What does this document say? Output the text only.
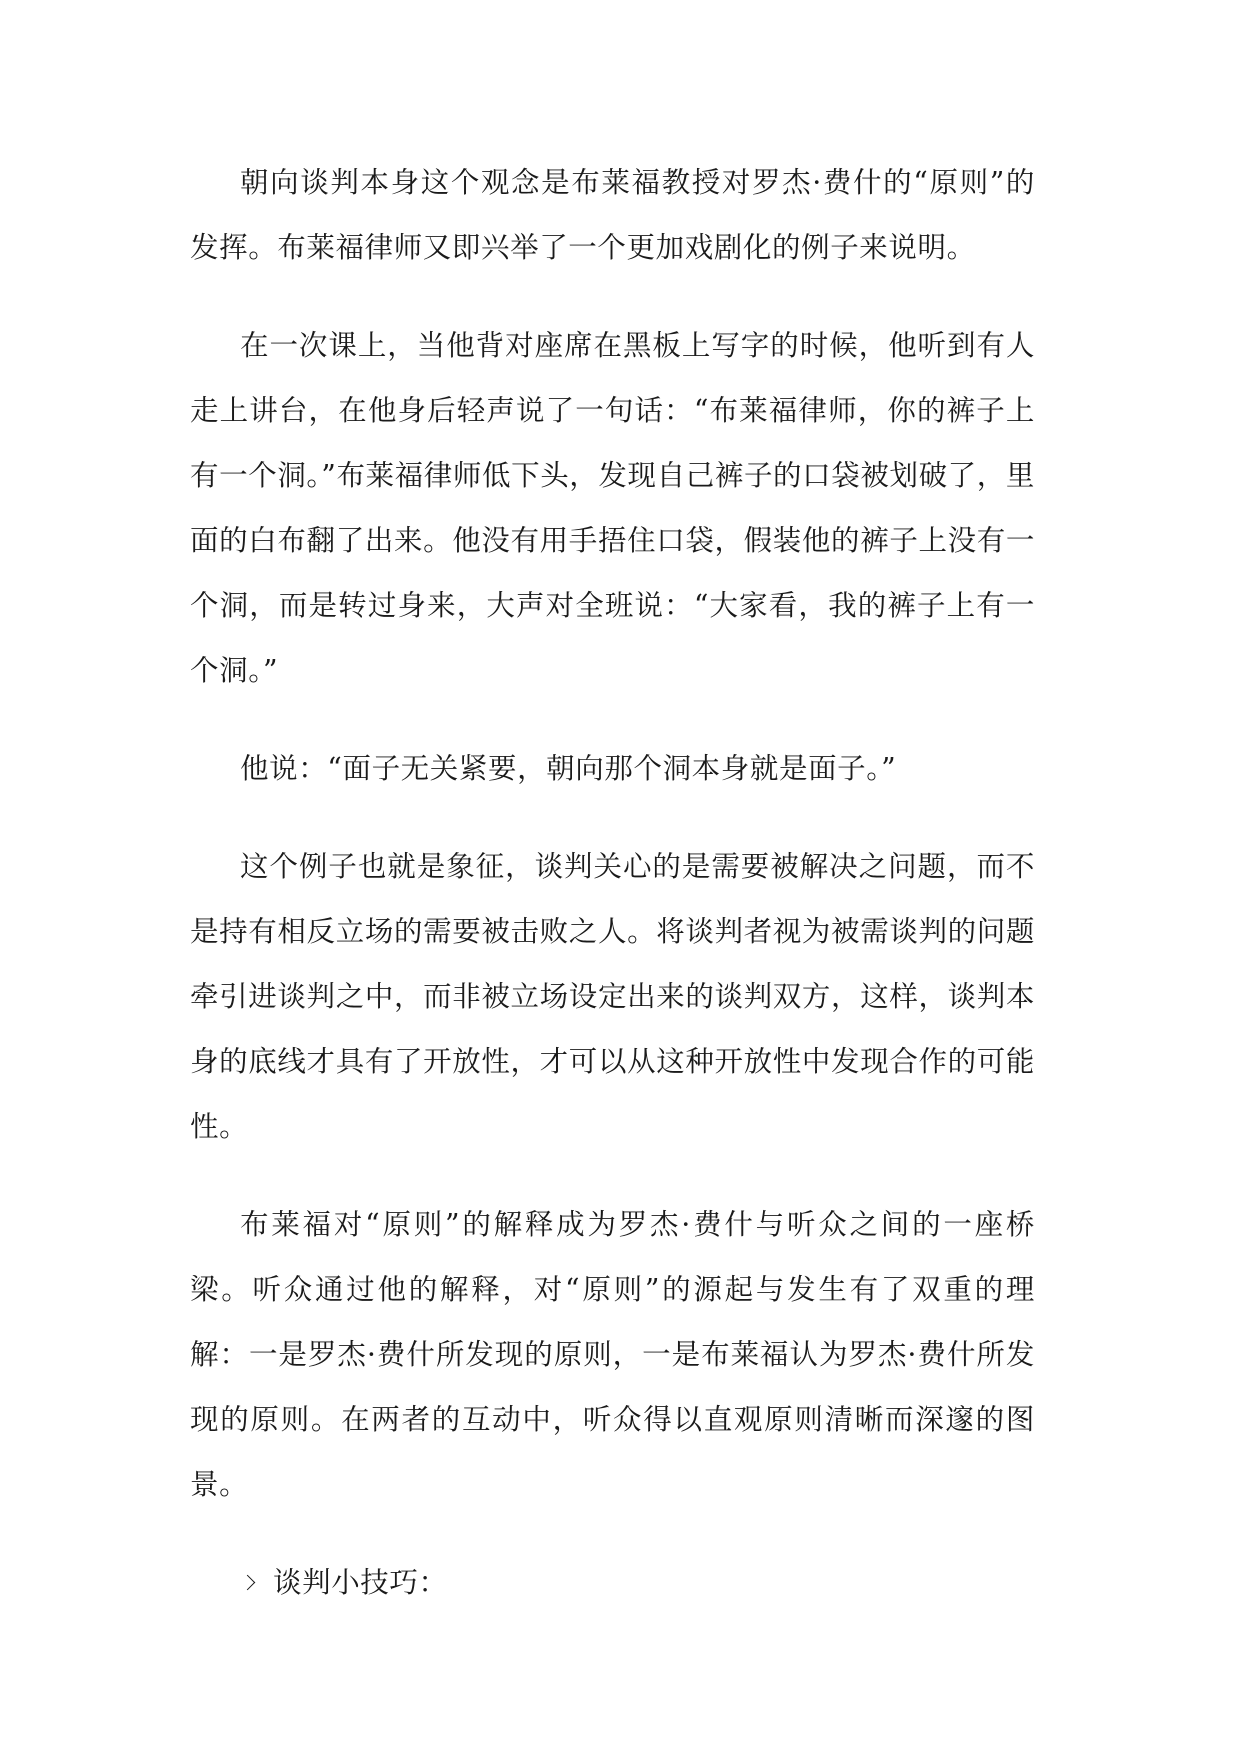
朝向谈判本身这个观念是布莱福教授对罗杰·费什的“原则”的发挥。布莱福律师又即兴举了一个更加戏剧化的例子来说明。

在一次课上，当他背对座席在黑板上写字的时候，他听到有人走上讲台，在他身后轻声说了一句话：“布莱福律师，你的裤子上有一个洞。”布莱福律师低下头，发现自己裤子的口袋被划破了，里面的白布翻了出来。他没有用手捂住口袋，假装他的裤子上没有一个洞，而是转过身来，大声对全班说：“大家看，我的裤子上有一个洞。”

他说：“面子无关紧要，朝向那个洞本身就是面子。”

这个例子也就是象征，谈判关心的是需要被解决之问题，而不是持有相反立场的需要被击败之人。将谈判者视为被需谈判的问题牵引进谈判之中，而非被立场设定出来的谈判双方，这样，谈判本身的底线才具有了开放性，才可以从这种开放性中发现合作的可能性。

布莱福对“原则”的解释成为罗杰·费什与听众之间的一座桥梁。听众通过他的解释，对“原则”的源起与发生有了双重的理解：一是罗杰·费什所发现的原则，一是布莱福认为罗杰·费什所发现的原则。在两者的互动中，听众得以直观原则清晰而深邃的图景。

谈判小技巧：
